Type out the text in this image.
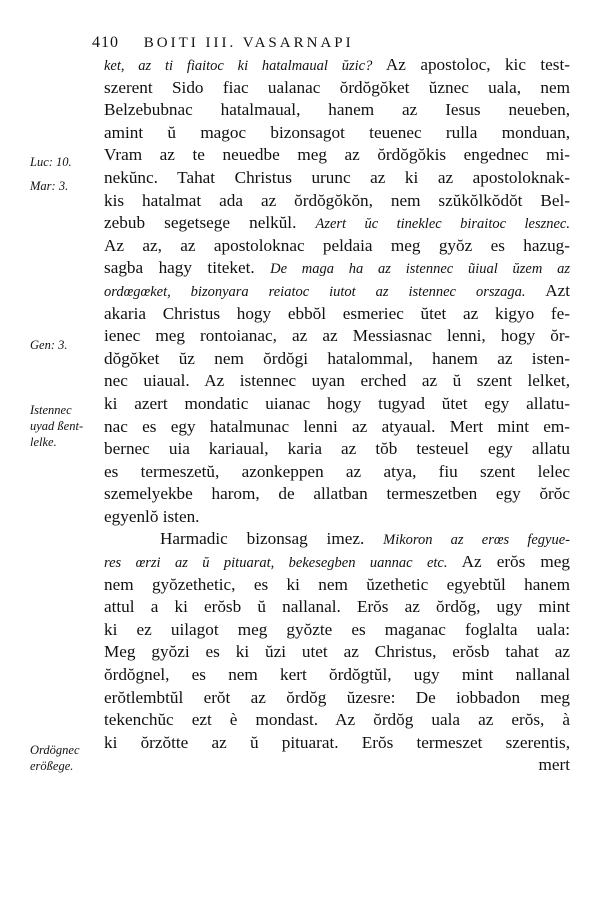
410 BOITI III. VASARNAPI
ket, az ti fiaitoc ki hatalmaual ŭzic? Az apostoloc, kic test-
szerent Sido fiac ualanac ŏrdŏgŏket ŭznec uala, nem
Belzebubnac hatalmaual, hanem az Iesus neueben,
amint ŭ magoc bizonsagot teuenec rulla monduan,
Vram az te neuedbe meg az ŏrdŏgŏkis engednec mi-
nekŭnc. Tahat Christus urunc az ki az apostoloknak-
kis hatalmat ada az ŏrdŏgŏkŏn, nem szŭkŏlkŏdŏt Bel-
zebub segetsege nelkŭl. Azert ŭc tineklec biraitoc lesznec.
Az az, az apostoloknac peldaia meg gyŏz es hazug-
sagba hagy titeket. De maga ha az istennec ũiual ŭzem az
ordœgœket, bizonyara reiatoc iutot az istennec orszaga. Azt
akaria Christus hogy ebbŏl esmeriec ŭtet az kigyo fe-
ienec meg rontoianac, az az Messiasnac lenni, hogy ŏr-
dŏgŏket ŭz nem ŏrdŏgi hatalommal, hanem az isten-
nec uiaual. Az istennec uyan erched az ŭ szent lelket,
ki azert mondatic uianac hogy tugyad ŭtet egy allatu-
nac es egy hatalmunac lenni az atyaual. Mert mint em-
bernec uia kariaual, karia az tŏb testeuel egy allatu
es termeszetŭ, azonkeppen az atya, fiu szent lelec
szemelyekbe harom, de allatban termeszetben egy ŏrŏc
egyenlŏ isten.
Harmadic bizonsag imez. Mikoron az erœs fegyue-
res œrzi az ŭ pituarat, bekesegben uannac etc. Az erŏs meg
nem gyŏzethetic, es ki nem ŭzethetic egyebtŭl hanem
attul a ki erŏsb ŭ nallanal. Erŏs az ŏrdŏg, ugy mint
ki ez uilagot meg gyŏzte es maganac foglalta uala:
Meg gyŏzi es ki ŭzi utet az Christus, erŏsb tahat az
ŏrdŏgnel, es nem kert ŏrdŏgtŭl, ugy mint nallanal
erŏtlembtŭl erŏt az ŏrdŏg ŭzesre: De iobbadon meg
tekenchŭc ezt è mondast. Az ŏrdŏg uala az erŏs, à
ki ŏrzŏtte az ŭ pituarat. Erŏs termeszet szerentis,
mert
Luc: 10.
Mar: 3.
Gen: 3.
Istennec
uyad ßent-
lelke.
Ordögnec
erößege.
